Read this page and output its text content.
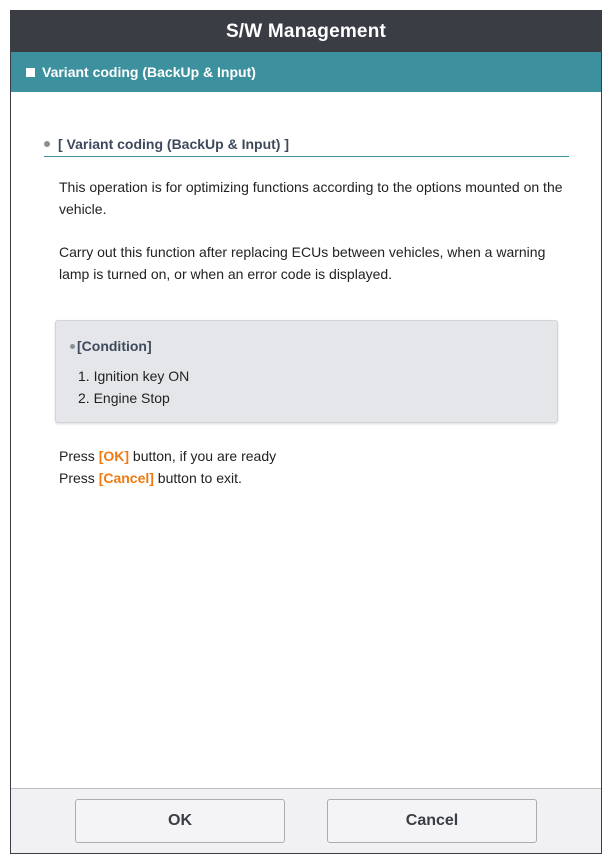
S/W Management
Variant coding (BackUp & Input)
[ Variant coding (BackUp & Input) ]
This operation is for optimizing functions according to the options mounted on the vehicle.
Carry out this function after replacing ECUs between vehicles, when a warning lamp is turned on, or when an error code is displayed.
[Condition]
1. Ignition key ON
2. Engine Stop
Press [OK] button, if you are ready
Press [Cancel] button to exit.
OK	Cancel
